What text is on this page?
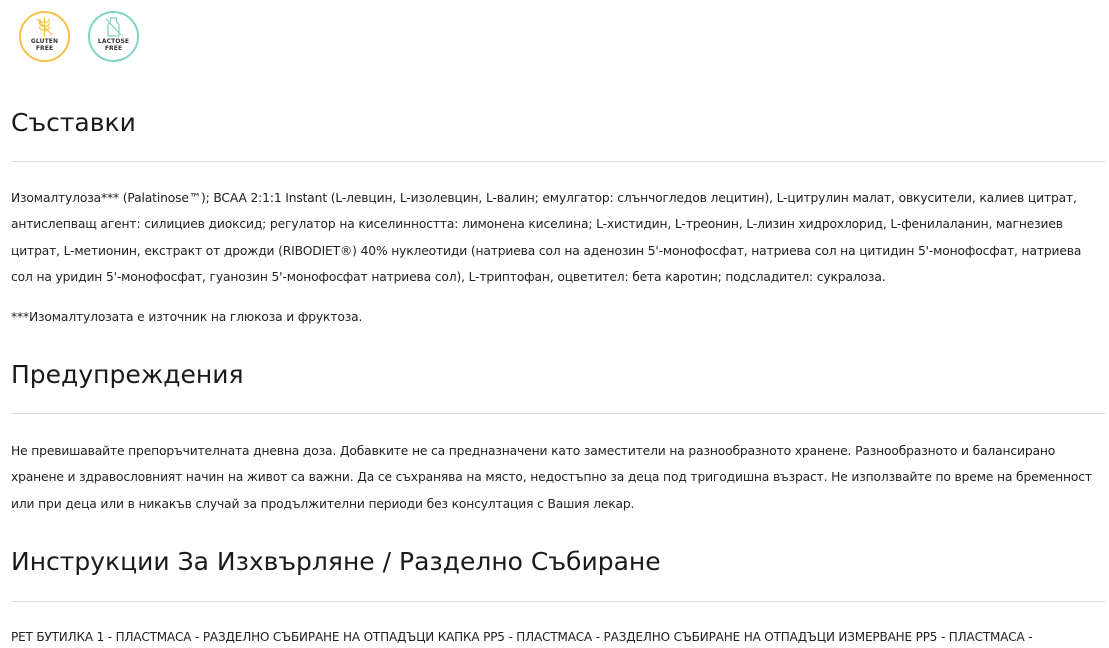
GLUTEN
FREE
LACTOSE
FREE
Съставки

Изомалтулоза*** (Palatinose™); BCAA 2:1:1 Instant (L-левцин, L-изолевцин, L-валин; емулгатор: слънчогледов лецитин), L-цитрулин малат, овкусители, калиев цитрат, антислепващ агент: силициев диоксид; регулатор на киселинността: лимонена киселина; L-хистидин, L-треонин, L-лизин хидрохлорид, L-фенилаланин, магнезиев цитрат, L-метионин, екстракт от дрожди (RIBODIET®) 40% нуклеотиди (натриева сол на аденозин 5'-монофосфат, натриева сол на цитидин 5'-монофосфат, натриева сол на уридин 5'-монофосфат, гуанозин 5'-монофосфат натриева сол), L-триптофан, оцветител: бета каротин; подсладител: сукралоза.

***Изомалтулозата е източник на глюкоза и фруктоза.

Предупреждения

Не превишавайте препоръчителната дневна доза. Добавките не са предназначени като заместители на разнообразното хранене. Разнообразното и балансирано хранене и здравословният начин на живот са важни. Да се съхранява на място, недостъпно за деца под тригодишна възраст. Не използвайте по време на бременност или при деца или в никакъв случай за продължителни периоди без консултация с Вашия лекар.

Инструкции За Изхвърляне / Разделно Събиране

PET БУТИЛКА 1 - ПЛАСТМАСА - РАЗДЕЛНО СЪБИРАНЕ НА ОТПАДЪЦИ КАПКА PP5 - ПЛАСТМАСА - РАЗДЕЛНО СЪБИРАНЕ НА ОТПАДЪЦИ ИЗМЕРВАНЕ PP5 - ПЛАСТМАСА -
